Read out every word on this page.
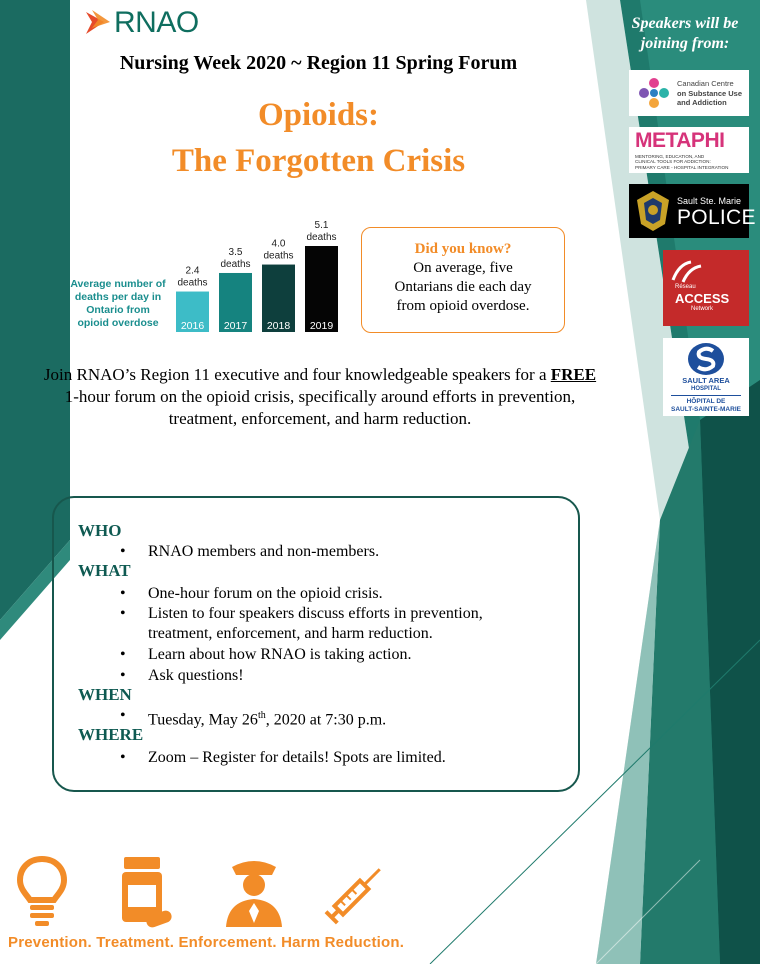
RNAO
Nursing Week 2020 ~ Region 11 Spring Forum
Opioids:
The Forgotten Crisis
Average number of deaths per day in Ontario from opioid overdose	2016
2.4
deaths
2017
3.5
deaths
2018
4.0
deaths
2019
5.1
deaths
Did you know?
On average, five Ontarians die each day from opioid overdose.
Join RNAO’s Region 11 executive and four knowledgeable speakers for a FREE 1-hour forum on the opioid crisis, specifically around efforts in prevention, treatment, enforcement, and harm reduction.
WHO
• RNAO members and non-members.
WHAT
• One-hour forum on the opioid crisis.
• Listen to four speakers discuss efforts in prevention, treatment, enforcement, and harm reduction.
• Learn about how RNAO is taking action.
• Ask questions!
WHEN
• Tuesday, May 26th, 2020 at 7:30 p.m.
WHERE
• Zoom – Register for details! Spots are limited.
Speakers will be
joining from:
Canadian Centre
on Substance Use
and Addiction
METAPHI
MENTORING, EDUCATION, AND
CLINICAL TOOLS FOR ADDICTION:
PRIMARY CARE - HOSPITAL INTEGRATION
Sault Ste. Marie
POLICE
Réseau
ACCESS
Network
SAULT AREA
HOSPITAL
HÔPITAL DE
SAULT-SAINTE-MARIE
Prevention. Treatment. Enforcement. Harm Reduction.
